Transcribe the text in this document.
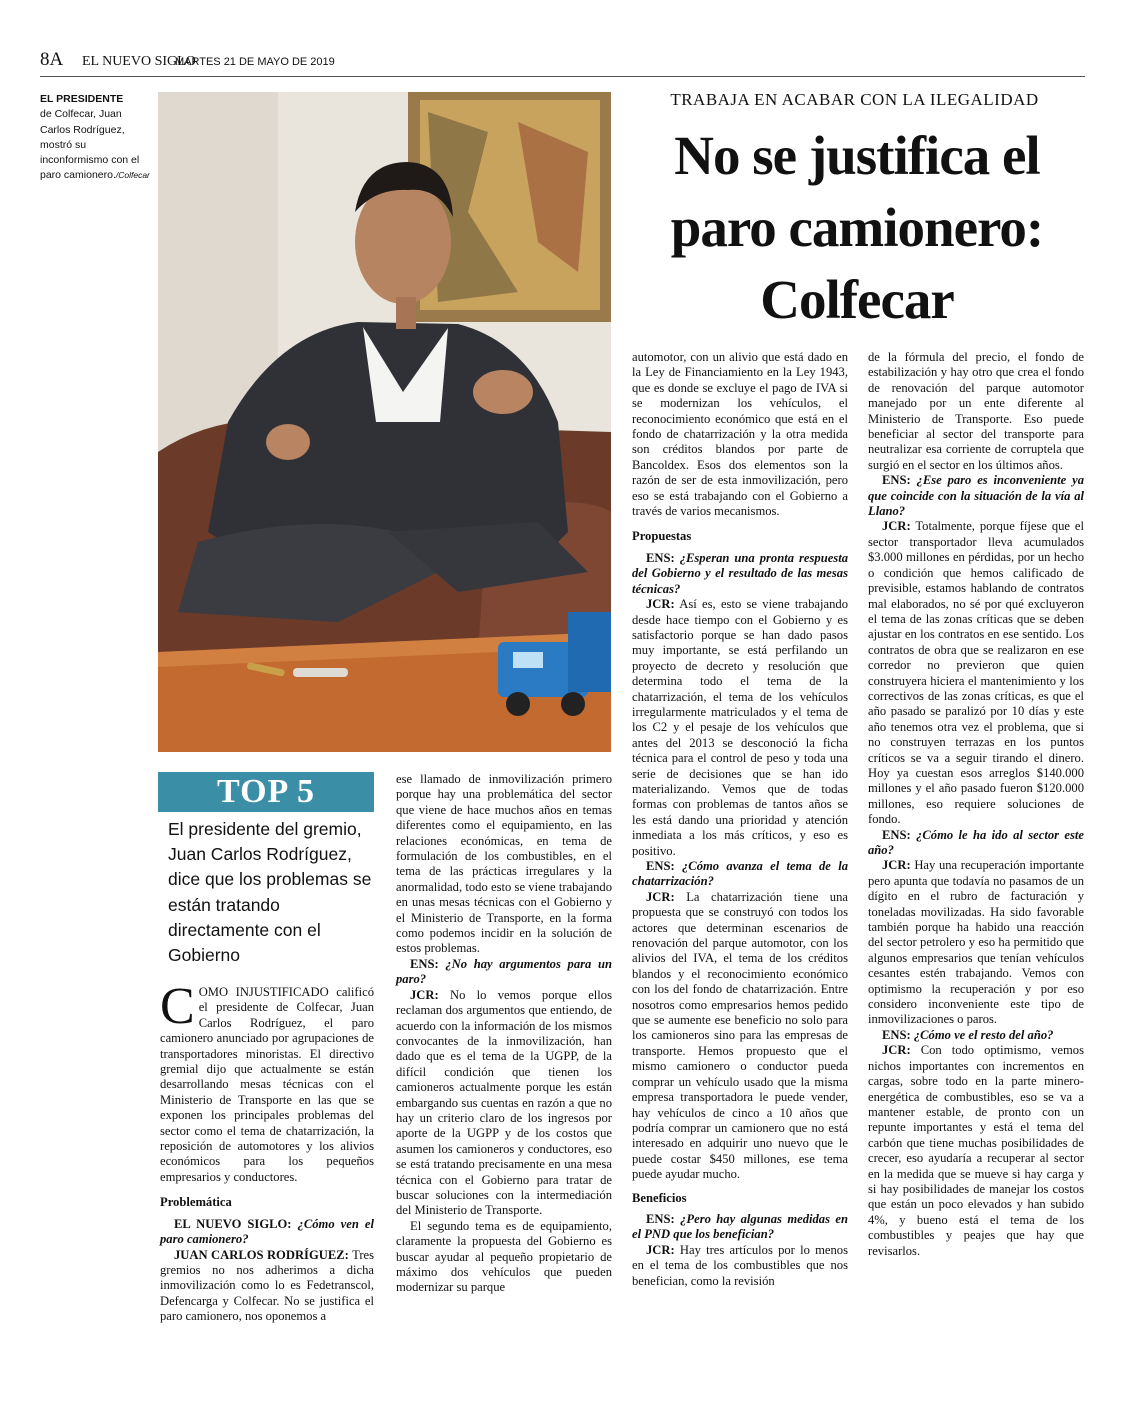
8A EL NUEVO SIGLO
MARTES 21 DE MAYO DE 2019
EL PRESIDENTE
de Colfecar, Juan Carlos Rodríguez, mostró su inconformismo con el paro camionero./Colfecar
TRABAJA EN ACABAR CON LA ILEGALIDAD
No se justifica el paro camionero: Colfecar
TOP 5
El presidente del gremio, Juan Carlos Rodríguez, dice que los problemas se están tratando directamente con el Gobierno

COMO INJUSTIFICADO calificó el presidente de Colfecar, Juan Carlos Rodríguez, el paro camionero anunciado por agrupaciones de transportadores minoristas. El directivo gremial dijo que actualmente se están desarrollando mesas técnicas con el Ministerio de Transporte en las que se exponen los principales problemas del sector como el tema de chatarrización, la reposición de automotores y los alivios económicos para los pequeños empresarios y conductores.

Problemática

EL NUEVO SIGLO: ¿Cómo ven el paro camionero?

JUAN CARLOS RODRÍGUEZ: Tres gremios no nos adherimos a dicha inmovilización como lo es Fedetranscol, Defencarga y Colfecar. No se justifica el paro camionero, nos oponemos a

ese llamado de inmovilización primero porque hay una problemática del sector que viene de hace muchos años en temas diferentes como el equipamiento, en las relaciones económicas, en tema de formulación de los combustibles, en el tema de las prácticas irregulares y la anormalidad, todo esto se viene trabajando en unas mesas técnicas con el Gobierno y el Ministerio de Transporte, en la forma como podemos incidir en la solución de estos problemas.

ENS: ¿No hay argumentos para un paro?

JCR: No lo vemos porque ellos reclaman dos argumentos que entiendo, de acuerdo con la información de los mismos convocantes de la inmovilización, han dado que es el tema de la UGPP, de la difícil condición que tienen los camioneros actualmente porque les están embargando sus cuentas en razón a que no hay un criterio claro de los ingresos por aporte de la UGPP y de los costos que asumen los camioneros y conductores, eso se está tratando precisamente en una mesa técnica con el Gobierno para tratar de buscar soluciones con la intermediación del Ministerio de Transporte.

El segundo tema es de equipamiento, claramente la propuesta del Gobierno es buscar ayudar al pequeño propietario de máximo dos vehículos que pueden modernizar su parque

automotor, con un alivio que está dado en la Ley de Financiamiento en la Ley 1943, que es donde se excluye el pago de IVA si se modernizan los vehículos, el reconocimiento económico que está en el fondo de chatarrización y la otra medida son créditos blandos por parte de Bancoldex. Esos dos elementos son la razón de ser de esta inmovilización, pero eso se está trabajando con el Gobierno a través de varios mecanismos.

Propuestas

ENS: ¿Esperan una pronta respuesta del Gobierno y el resultado de las mesas técnicas?

JCR: Así es, esto se viene trabajando desde hace tiempo con el Gobierno y es satisfactorio porque se han dado pasos muy importante, se está perfilando un proyecto de decreto y resolución que determina todo el tema de la chatarrización, el tema de los vehículos irregularmente matriculados y el tema de los C2 y el pesaje de los vehículos que antes del 2013 se desconoció la ficha técnica para el control de peso y toda una serie de decisiones que se han ido materializando. Vemos que de todas formas con problemas de tantos años se les está dando una prioridad y atención inmediata a los más críticos, y eso es positivo.

ENS: ¿Cómo avanza el tema de la chatarrización?

JCR: La chatarrización tiene una propuesta que se construyó con todos los actores que determinan escenarios de renovación del parque automotor, con los alivios del IVA, el tema de los créditos blandos y el reconocimiento económico con los del fondo de chatarrización. Entre nosotros como empresarios hemos pedido que se aumente ese beneficio no solo para los camioneros sino para las empresas de transporte. Hemos propuesto que el mismo camionero o conductor pueda comprar un vehículo usado que la misma empresa transportadora le puede vender, hay vehículos de cinco a 10 años que podría comprar un camionero que no está interesado en adquirir uno nuevo que le puede costar $450 millones, ese tema puede ayudar mucho.

Beneficios

ENS: ¿Pero hay algunas medidas en el PND que los benefician?

JCR: Hay tres artículos por lo menos en el tema de los combustibles que nos benefician, como la revisión

de la fórmula del precio, el fondo de estabilización y hay otro que crea el fondo de renovación del parque automotor manejado por un ente diferente al Ministerio de Transporte. Eso puede beneficiar al sector del transporte para neutralizar esa corriente de corruptela que surgió en el sector en los últimos años.

ENS: ¿Ese paro es inconveniente ya que coincide con la situación de la vía al Llano?

JCR: Totalmente, porque fíjese que el sector transportador lleva acumulados $3.000 millones en pérdidas, por un hecho o condición que hemos calificado de previsible, estamos hablando de contratos mal elaborados, no sé por qué excluyeron el tema de las zonas críticas que se deben ajustar en los contratos en ese sentido. Los contratos de obra que se realizaron en ese corredor no previeron que quien construyera hiciera el mantenimiento y los correctivos de las zonas críticas, es que el año pasado se paralizó por 10 días y este año tenemos otra vez el problema, que si no construyen terrazas en los puntos críticos se va a seguir tirando el dinero. Hoy ya cuestan esos arreglos $140.000 millones y el año pasado fueron $120.000 millones, eso requiere soluciones de fondo.

ENS: ¿Cómo le ha ido al sector este año?

JCR: Hay una recuperación importante pero apunta que todavía no pasamos de un dígito en el rubro de facturación y toneladas movilizadas. Ha sido favorable también porque ha habido una reacción del sector petrolero y eso ha permitido que algunos empresarios que tenían vehículos cesantes estén trabajando. Vemos con optimismo la recuperación y por eso considero inconveniente este tipo de inmovilizaciones o paros.

ENS: ¿Cómo ve el resto del año?

JCR: Con todo optimismo, vemos nichos importantes con incrementos en cargas, sobre todo en la parte minero-energética de combustibles, eso se va a mantener estable, de pronto con un repunte importantes y está el tema del carbón que tiene muchas posibilidades de crecer, eso ayudaría a recuperar al sector en la medida que se mueve si hay carga y si hay posibilidades de manejar los costos que están un poco elevados y han subido 4%, y bueno está el tema de los combustibles y peajes que hay que revisarlos.
